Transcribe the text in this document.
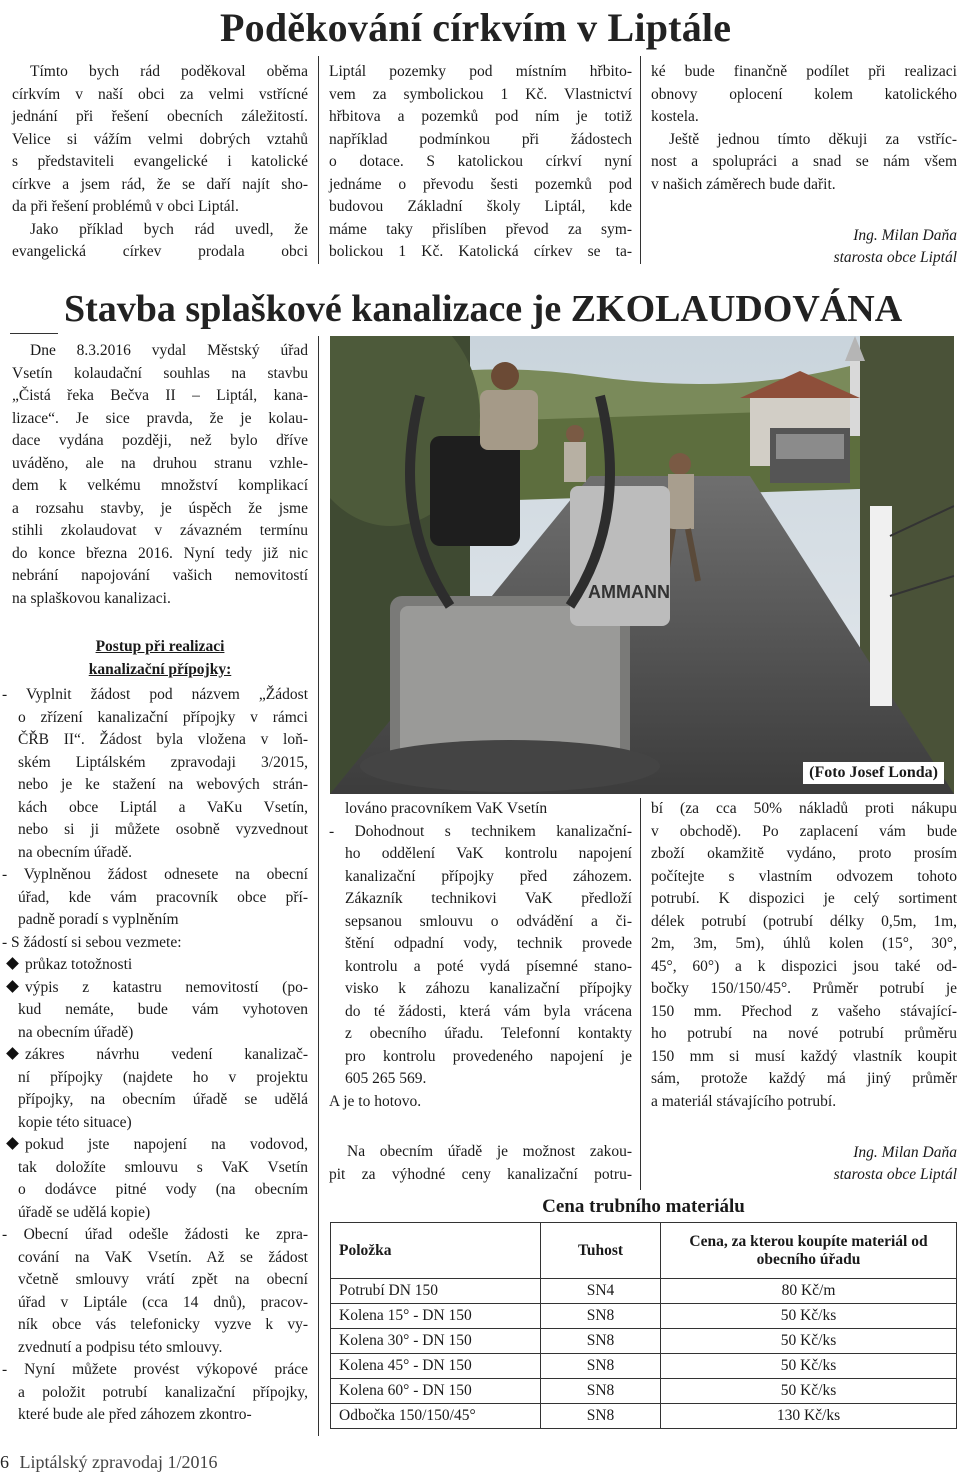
Poděkování církvím v Liptále
Tímto bych rád poděkoval oběma
církvím v naší obci za velmi vstřícné
jednání při řešení obecních záležitostí.
Velice si vážím velmi dobrých vztahů
s představiteli evangelické i katolické
církve a jsem rád, že se daří najít sho-
da při řešení problémů v obci Liptál.
Jako příklad bych rád uvedl, že
evangelická církev prodala obci
Liptál pozemky pod místním hřbito-
vem za symbolickou 1 Kč. Vlastnictví
hřbitova a pozemků pod ním je totiž
například podmínkou při žádostech
o dotace. S katolickou církví nyní
jednáme o převodu šesti pozemků pod
budovou Základní školy Liptál, kde
máme taky přislíben převod za sym-
bolickou 1 Kč. Katolická církev se ta-
ké bude finančně podílet při realizaci
obnovy oplocení kolem katolického
kostela.
Ještě jednou tímto děkuji za vstříc-
nost a spolupráci a snad se nám všem
v našich záměrech bude dařit.
Ing. Milan Daňa
starosta obce Liptál
Stavba splaškové kanalizace je ZKOLAUDOVÁNA
Dne 8.3.2016 vydal Městský úřad
Vsetín kolaudační souhlas na stavbu
„Čistá řeka Bečva II – Liptál, kana-
lizace“. Je sice pravda, že je kolau-
dace vydána později, než bylo dříve
uváděno, ale na druhou stranu vzhle-
dem k velkému množství komplikací
a rozsahu stavby, je úspěch že jsme
stihli zkolaudovat v závazném termínu
do konce března 2016. Nyní tedy již nic
nebrání napojování vašich nemovitostí
na splaškovou kanalizaci.
Postup při realizaci
kanalizační přípojky:
- Vyplnit žádost pod názvem „Žádost
o zřízení kanalizační přípojky v rámci
ČŘB II“. Žádost byla vložena v loň-
ském Liptálském zpravodaji 3/2015,
nebo je ke stažení na webových strán-
kách obce Liptál a VaKu Vsetín,
nebo si ji můžete osobně vyzvednout
na obecním úřadě.
- Vyplněnou žádost odnesete na obecní
úřad, kde vám pracovník obce pří-
padně poradí s vyplněním
- S žádostí si sebou vezmete:
průkaz totožnosti
výpis z katastru nemovitostí (po-
kud nemáte, bude vám vyhotoven
na obecním úřadě)
zákres návrhu vedení kanalizač-
ní přípojky (najdete ho v projektu
přípojky, na obecním úřadě se udělá
kopie této situace)
pokud jste napojení na vodovod,
tak doložíte smlouvu s VaK Vsetín
o dodávce pitné vody (na obecním
úřadě se udělá kopie)
- Obecní úřad odešle žádosti ke zpra-
cování na VaK Vsetín. Až se žádost
včetně smlouvy vrátí zpět na obecní
úřad v Liptále (cca 14 dnů), pracov-
ník obce vás telefonicky vyzve k vy-
zvednutí a podpisu této smlouvy.
- Nyní můžete provést výkopové práce
a položit potrubí kanalizační přípojky,
které bude ale před záhozem zkontro-
AMMANN
(Foto Josef Londa)
lováno pracovníkem VaK Vsetín
- Dohodnout s technikem kanalizační-
ho oddělení VaK kontrolu napojení
kanalizační přípojky před záhozem.
Zákazník technikovi VaK předloží
sepsanou smlouvu o odvádění a či-
štění odpadní vody, technik provede
kontrolu a poté vydá písemné stano-
visko k záhozu kanalizační přípojky
do té žádosti, která vám byla vrácena
z obecního úřadu. Telefonní kontakty
pro kontrolu provedeného napojení je
605 265 569.
A je to hotovo.
Na obecním úřadě je možnost zakou-
pit za výhodné ceny kanalizační potru-
bí (za cca 50% nákladů proti nákupu
v obchodě). Po zaplacení vám bude
zboží okamžitě vydáno, proto prosím
počítejte s vlastním odvozem tohoto
potrubí. K dispozici je celý sortiment
délek potrubí (potrubí délky 0,5m, 1m,
2m, 3m, 5m), úhlů kolen (15°, 30°,
45°, 60°) a k dispozici jsou také od-
bočky 150/150/45°. Průměr potrubí je
150 mm. Přechod z vašeho stávající-
ho potrubí na nové potrubí průměru
150 mm si musí každý vlastník koupit
sám, protože každý má jiný průměr
a materiál stávajícího potrubí.
Ing. Milan Daňa
starosta obce Liptál
Cena trubního materiálu
Položka	Tuhost	Cena, za kterou koupíte materiál od obecního úřadu
Potrubí DN 150	SN4	80 Kč/m
Kolena 15° - DN 150	SN8	50 Kč/ks
Kolena 30° - DN 150	SN8	50 Kč/ks
Kolena 45° - DN 150	SN8	50 Kč/ks
Kolena 60° - DN 150	SN8	50 Kč/ks
Odbočka 150/150/45°	SN8	130 Kč/ks
6 Liptálský zpravodaj 1/2016
